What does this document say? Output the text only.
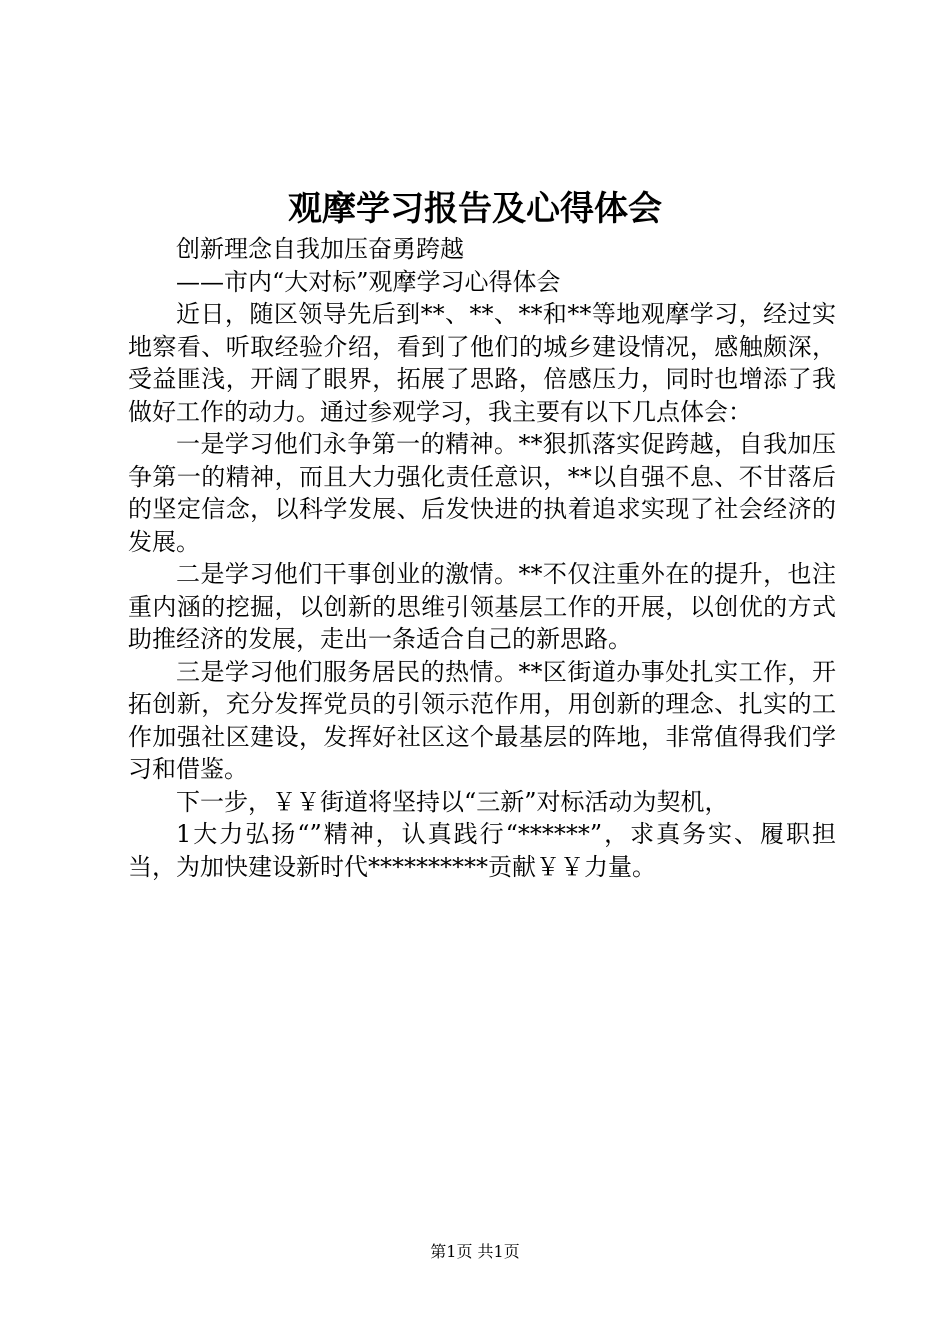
观摩学习报告及心得体会

创新理念自我加压奋勇跨越

——市内“大对标”观摩学习心得体会

近日，随区领导先后到**、**、**和**等地观摩学习，经过实地察看、听取经验介绍，看到了他们的城乡建设情况，感触颇深，受益匪浅，开阔了眼界，拓展了思路，倍感压力，同时也增添了我做好工作的动力。通过参观学习，我主要有以下几点体会：

一是学习他们永争第一的精神。**狠抓落实促跨越，自我加压争第一的精神，而且大力强化责任意识，**以自强不息、不甘落后的坚定信念，以科学发展、后发快进的执着追求实现了社会经济的发展。

二是学习他们干事创业的激情。**不仅注重外在的提升，也注重内涵的挖掘，以创新的思维引领基层工作的开展，以创优的方式助推经济的发展，走出一条适合自己的新思路。

三是学习他们服务居民的热情。**区街道办事处扎实工作，开拓创新，充分发挥党员的引领示范作用，用创新的理念、扎实的工作加强社区建设，发挥好社区这个最基层的阵地，非常值得我们学习和借鉴。

下一步，￥￥街道将坚持以“三新”对标活动为契机，

1大力弘扬“”精神，认真践行“******”，求真务实、履职担当，为加快建设新时代**********贡献￥￥力量。

第1页 共1页
